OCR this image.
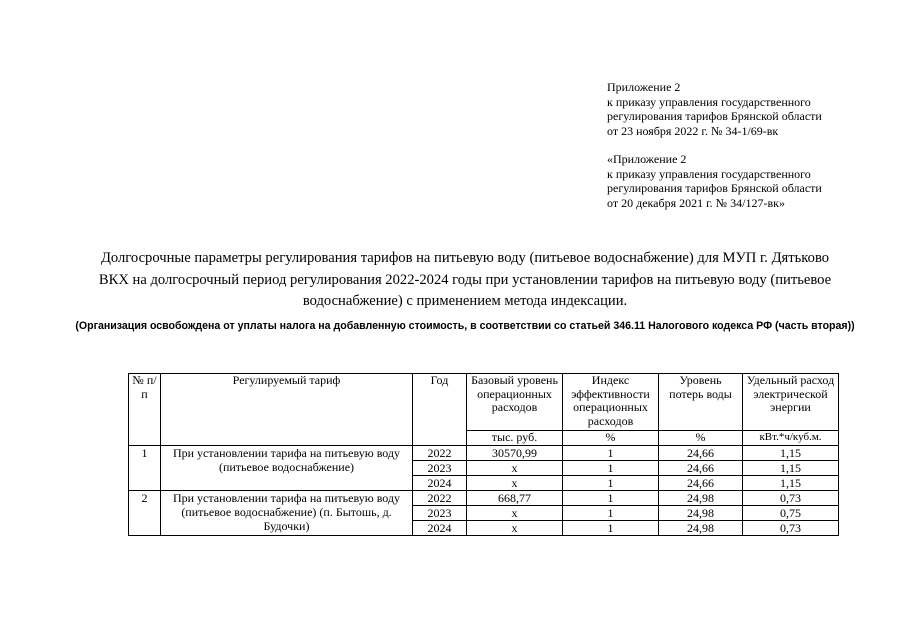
Приложение 2
к приказу управления государственного
регулирования тарифов Брянской области
от 23 ноября 2022 г. № 34-1/69-вк
«Приложение 2
к приказу управления государственного
регулирования тарифов Брянской области
от 20 декабря 2021 г. № 34/127-вк»
Долгосрочные параметры регулирования тарифов на питьевую воду (питьевое водоснабжение) для МУП г. Дятьково
ВКХ на долгосрочный период регулирования 2022-2024 годы при установлении тарифов на питьевую воду (питьевое
водоснабжение) с применением метода индексации.
(Организация освобождена от уплаты налога на добавленную стоимость, в соответствии со статьей 346.11 Налогового кодекса РФ (часть вторая))
№ п/п	Регулируемый тариф	Год	Базовый уровень операционных расходов	Индекс эффективности операционных расходов	Уровень потерь воды	Удельный расход электрической энергии
			тыс. руб.	%	%	кВт.*ч/куб.м.
1	При установлении тарифа на питьевую воду (питьевое водоснабжение)	2022	30570,99	1	24,66	1,15
		2023	x	1	24,66	1,15
		2024	x	1	24,66	1,15
2	При установлении тарифа на питьевую воду (питьевое водоснабжение) (п. Бытошь, д. Будочки)	2022	668,77	1	24,98	0,73
		2023	x	1	24,98	0,75
		2024	x	1	24,98	0,73
